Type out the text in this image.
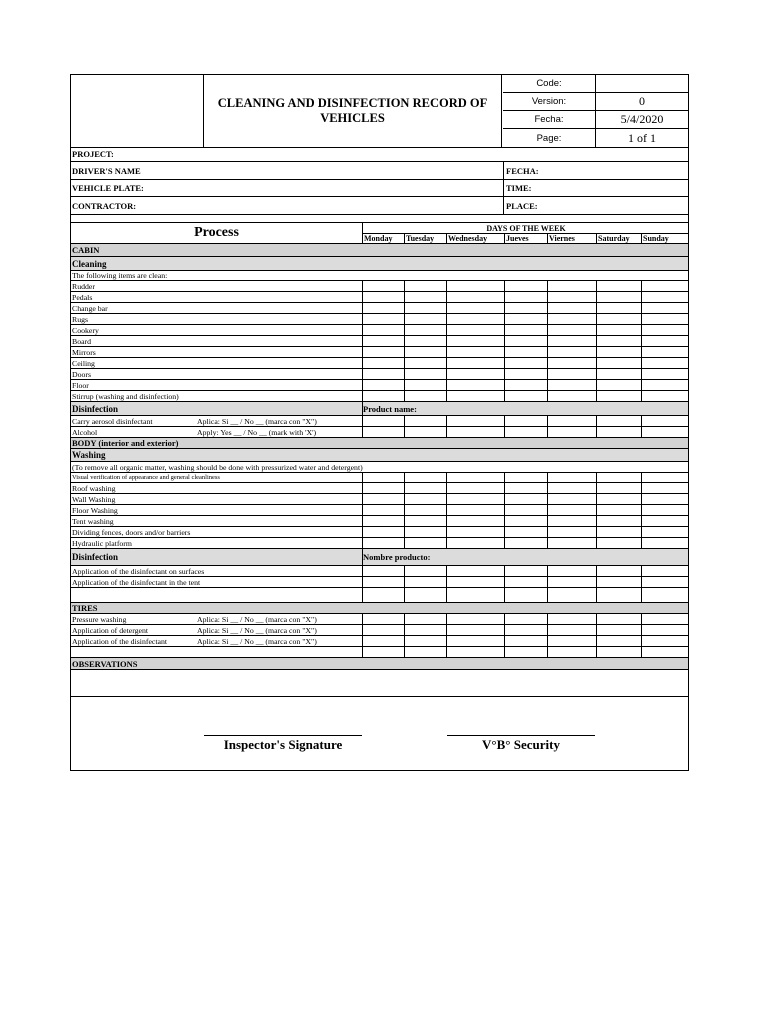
CLEANING AND DISINFECTION RECORD OF VEHICLES
Code:
Version:	0
Fecha:	5/4/2020
Page:	1 of 1
PROJECT:
DRIVER'S NAME	FECHA:
VEHICLE PLATE:	TIME:
CONTRACTOR:	PLACE:
Process	DAYS OF THE WEEK
Monday	Tuesday	Wednesday	Jueves	Viernes	Saturday	Sunday
CABIN
Cleaning
The following items are clean:
Rudder
Pedals
Change bar
Rugs
Cookery
Board
Mirrors
Ceiling
Doors
Floor
Stirrup (washing and disinfection)
Disinfection	Product name:
Carry aerosol disinfectant	Aplica: Si __ / No __ (marca con "X")
Alcohol	Apply: Yes __ / No __ (mark with 'X')
BODY (interior and exterior)
Washing
(To remove all organic matter, washing should be done with pressurized water and detergent)
Visual verification of appearance and general cleanliness
Roof washing
Wall Washing
Floor Washing
Tent washing
Dividing fences, doors and/or barriers
Hydraulic platform
Disinfection	Nombre producto:
Application of the disinfectant on surfaces
Application of the disinfectant in the tent
TIRES
Pressure washing	Aplica: Si __ / No __ (marca con "X")
Application of detergent	Aplica: Si __ / No __ (marca con "X")
Application of the disinfectant	Aplica: Si __ / No __ (marca con "X")
OBSERVATIONS
Inspector's Signature	V°B° Security
